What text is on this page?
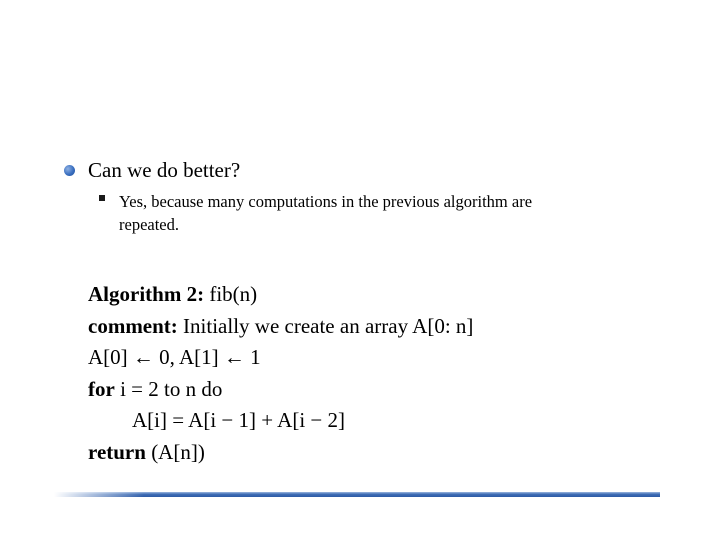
Can we do better?
Yes, because many computations in the previous algorithm are
repeated.
Algorithm 2: fib(n)
comment: Initially we create an array A[0: n]
A[0] ← 0, A[1] ← 1
for i = 2 to n do
A[i] = A[i − 1] + A[i − 2]
return (A[n])
